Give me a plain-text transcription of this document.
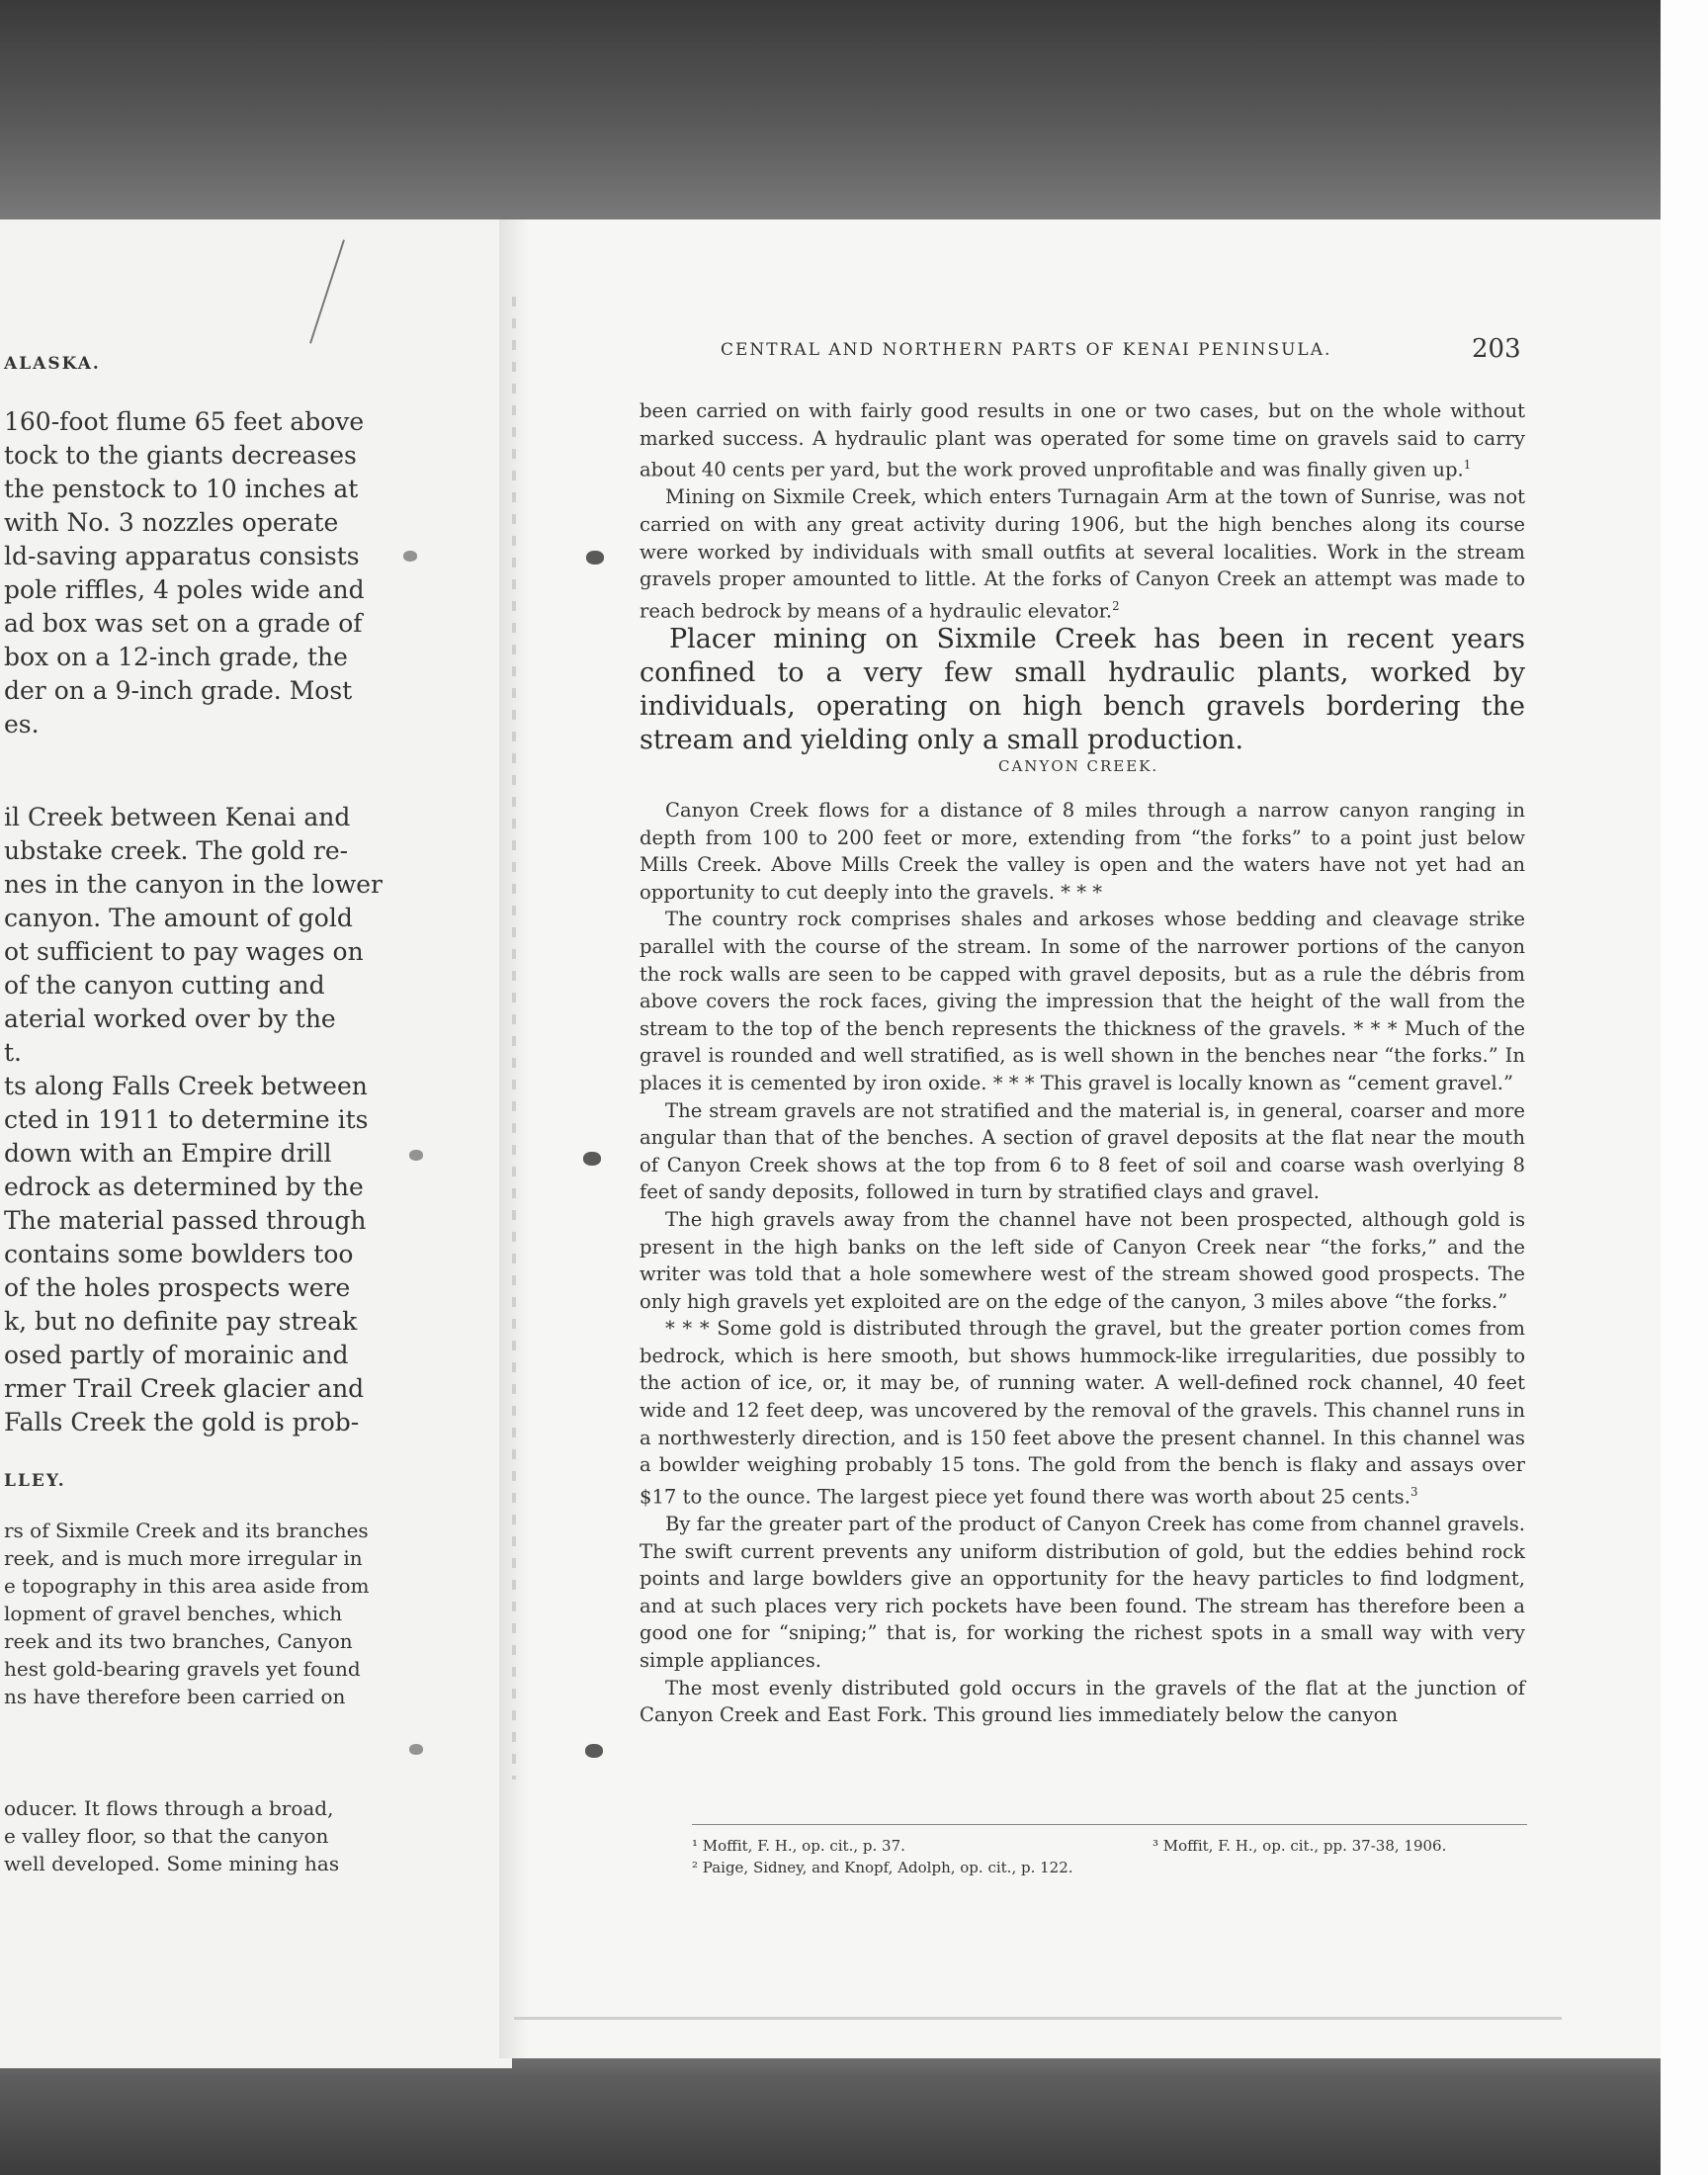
ALASKA.
160-foot flume 65 feet above
tock to the giants decreases
the penstock to 10 inches at
with No. 3 nozzles operate
ld-saving apparatus consists
pole riffles, 4 poles wide and
ad box was set on a grade of
box on a 12-inch grade, the
der on a 9-inch grade. Most
es.
il Creek between Kenai and
ubstake creek. The gold re-
nes in the canyon in the lower
canyon. The amount of gold
ot sufficient to pay wages on
of the canyon cutting and
aterial worked over by the
t.
ts along Falls Creek between
cted in 1911 to determine its
down with an Empire drill
edrock as determined by the
The material passed through
contains some bowlders too
of the holes prospects were
k, but no definite pay streak
osed partly of morainic and
rmer Trail Creek glacier and
Falls Creek the gold is prob-
LLEY.
rs of Sixmile Creek and its branches
reek, and is much more irregular in
e topography in this area aside from
lopment of gravel benches, which
reek and its two branches, Canyon
hest gold-bearing gravels yet found
ns have therefore been carried on
oducer. It flows through a broad,
e valley floor, so that the canyon
well developed. Some mining has
CENTRAL AND NORTHERN PARTS OF KENAI PENINSULA.	203

been carried on with fairly good results in one or two cases, but on the whole without marked success. A hydraulic plant was operated for some time on gravels said to carry about 40 cents per yard, but the work proved unprofitable and was finally given up.$^1$

Mining on Sixmile Creek, which enters Turnagain Arm at the town of Sunrise, was not carried on with any great activity during 1906, but the high benches along its course were worked by individuals with small outfits at several localities. Work in the stream gravels proper amounted to little. At the forks of Canyon Creek an attempt was made to reach bedrock by means of a hydraulic elevator.$^2$

Placer mining on Sixmile Creek has been in recent years confined to a very few small hydraulic plants, worked by individuals, operating on high bench gravels bordering the stream and yielding only a small production.

CANYON CREEK.

Canyon Creek flows for a distance of 8 miles through a narrow canyon ranging in depth from 100 to 200 feet or more, extending from “the forks” to a point just below Mills Creek. Above Mills Creek the valley is open and the waters have not yet had an opportunity to cut deeply into the gravels. * * *

The country rock comprises shales and arkoses whose bedding and cleavage strike parallel with the course of the stream. In some of the narrower portions of the canyon the rock walls are seen to be capped with gravel deposits, but as a rule the débris from above covers the rock faces, giving the impression that the height of the wall from the stream to the top of the bench represents the thickness of the gravels. * * * Much of the gravel is rounded and well stratified, as is well shown in the benches near “the forks.” In places it is cemented by iron oxide. * * * This gravel is locally known as “cement gravel.”

The stream gravels are not stratified and the material is, in general, coarser and more angular than that of the benches. A section of gravel deposits at the flat near the mouth of Canyon Creek shows at the top from 6 to 8 feet of soil and coarse wash overlying 8 feet of sandy deposits, followed in turn by stratified clays and gravel.

The high gravels away from the channel have not been prospected, although gold is present in the high banks on the left side of Canyon Creek near “the forks,” and the writer was told that a hole somewhere west of the stream showed good prospects. The only high gravels yet exploited are on the edge of the canyon, 3 miles above “the forks.”

* * * Some gold is distributed through the gravel, but the greater portion comes from bedrock, which is here smooth, but shows hummock-like irregularities, due possibly to the action of ice, or, it may be, of running water. A well-defined rock channel, 40 feet wide and 12 feet deep, was uncovered by the removal of the gravels. This channel runs in a northwesterly direction, and is 150 feet above the present channel. In this channel was a bowlder weighing probably 15 tons. The gold from the bench is flaky and assays over $17 to the ounce. The largest piece yet found there was worth about 25 cents.$^3$

By far the greater part of the product of Canyon Creek has come from channel gravels. The swift current prevents any uniform distribution of gold, but the eddies behind rock points and large bowlders give an opportunity for the heavy particles to find lodgment, and at such places very rich pockets have been found. The stream has therefore been a good one for “sniping;” that is, for working the richest spots in a small way with very simple appliances.

The most evenly distributed gold occurs in the gravels of the flat at the junction of Canyon Creek and East Fork. This ground lies immediately below the canyon

¹ Moffit, F. H., op. cit., p. 37.
² Paige, Sidney, and Knopf, Adolph, op. cit., p. 122.
³ Moffit, F. H., op. cit., pp. 37-38, 1906.
